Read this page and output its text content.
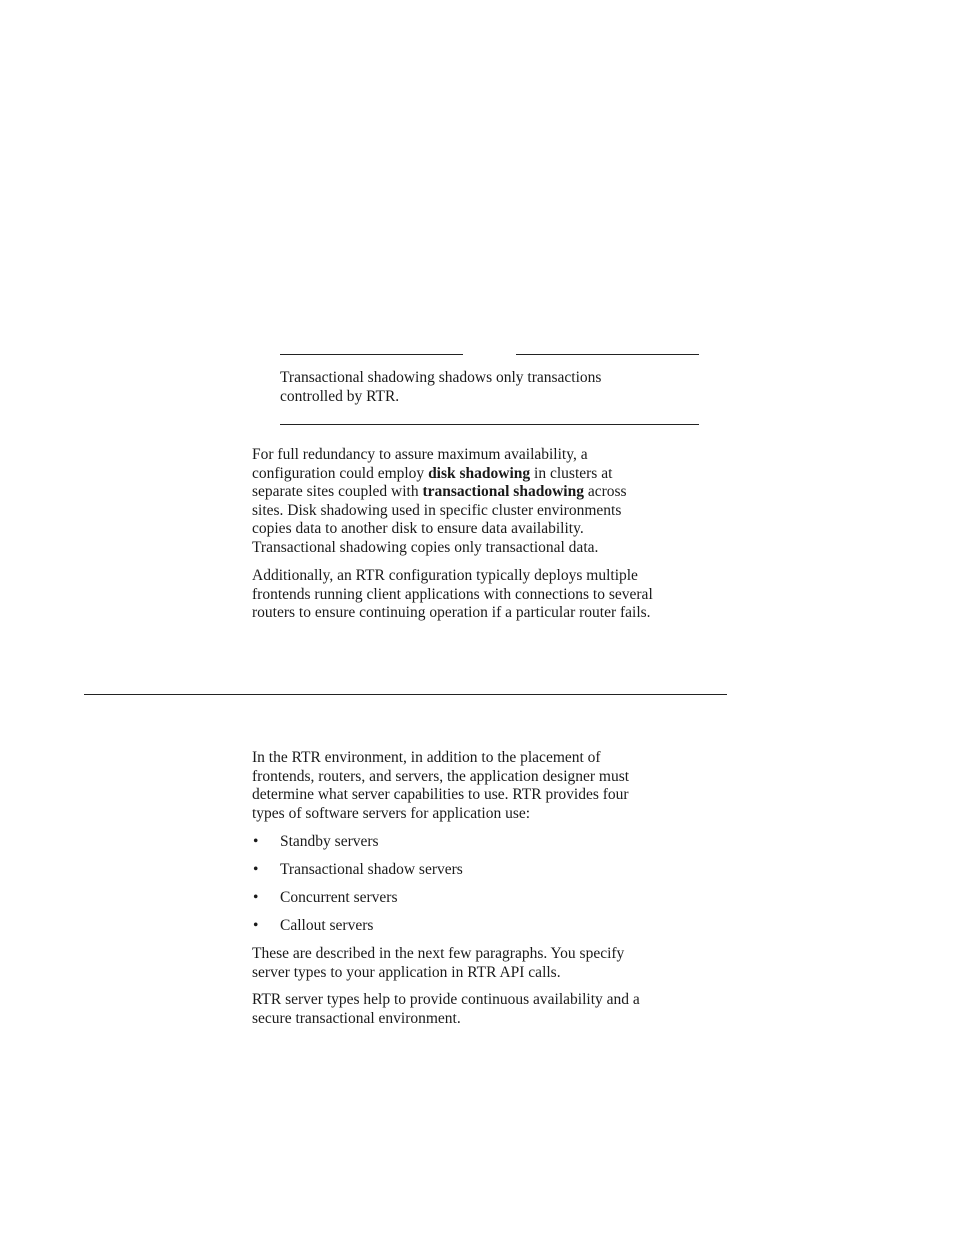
Transactional shadowing shadows only transactions
controlled by RTR.
For full redundancy to assure maximum availability, a
configuration could employ disk shadowing in clusters at
separate sites coupled with transactional shadowing across
sites. Disk shadowing used in specific cluster environments
copies data to another disk to ensure data availability.
Transactional shadowing copies only transactional data.
Additionally, an RTR configuration typically deploys multiple
frontends running client applications with connections to several
routers to ensure continuing operation if a particular router fails.
In the RTR environment, in addition to the placement of
frontends, routers, and servers, the application designer must
determine what server capabilities to use. RTR provides four
types of software servers for application use:
• Standby servers
• Transactional shadow servers
• Concurrent servers
• Callout servers
These are described in the next few paragraphs. You specify
server types to your application in RTR API calls.
RTR server types help to provide continuous availability and a
secure transactional environment.
